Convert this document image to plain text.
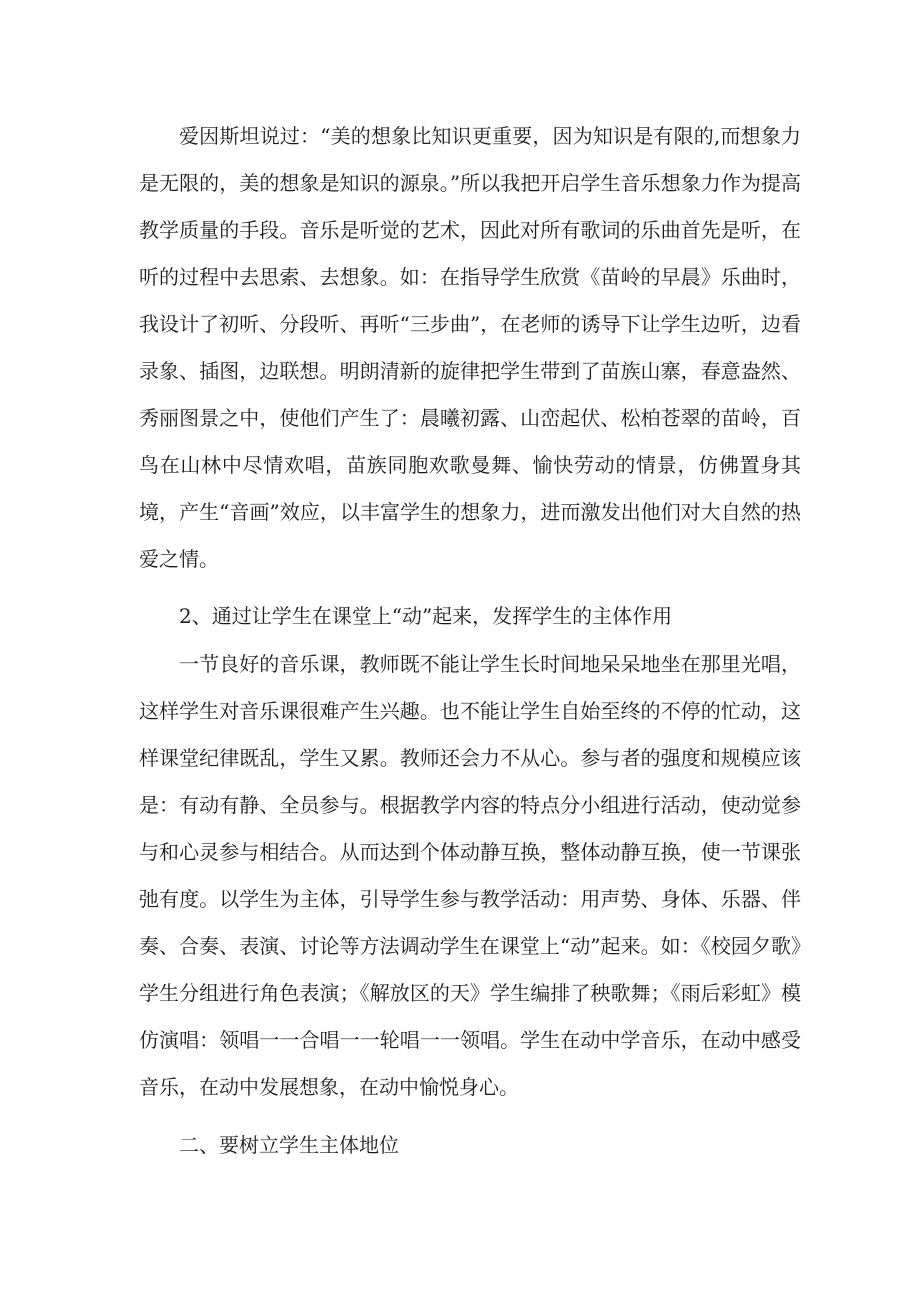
爱因斯坦说过：“美的想象比知识更重要，因为知识是有限的,而想象力是无限的，美的想象是知识的源泉。”所以我把开启学生音乐想象力作为提高教学质量的手段。音乐是听觉的艺术，因此对所有歌词的乐曲首先是听，在听的过程中去思索、去想象。如：在指导学生欣赏《苗岭的早晨》乐曲时，我设计了初听、分段听、再听“三步曲”，在老师的诱导下让学生边听，边看录象、插图，边联想。明朗清新的旋律把学生带到了苗族山寨，春意盎然、秀丽图景之中，使他们产生了：晨曦初露、山峦起伏、松柏苍翠的苗岭，百鸟在山林中尽情欢唱，苗族同胞欢歌曼舞、愉快劳动的情景，仿佛置身其境，产生“音画”效应，以丰富学生的想象力，进而激发出他们对大自然的热爱之情。

2、通过让学生在课堂上“动”起来，发挥学生的主体作用

一节良好的音乐课，教师既不能让学生长时间地呆呆地坐在那里光唱，这样学生对音乐课很难产生兴趣。也不能让学生自始至终的不停的忙动，这样课堂纪律既乱，学生又累。教师还会力不从心。参与者的强度和规模应该是：有动有静、全员参与。根据教学内容的特点分小组进行活动，使动觉参与和心灵参与相结合。从而达到个体动静互换，整体动静互换，使一节课张弛有度。以学生为主体，引导学生参与教学活动：用声势、身体、乐器、伴奏、合奏、表演、讨论等方法调动学生在课堂上“动”起来。如：《校园夕歌》学生分组进行角色表演；《解放区的天》学生编排了秧歌舞；《雨后彩虹》模仿演唱：领唱一一合唱一一轮唱一一领唱。学生在动中学音乐，在动中感受音乐，在动中发展想象，在动中愉悦身心。

二、要树立学生主体地位
